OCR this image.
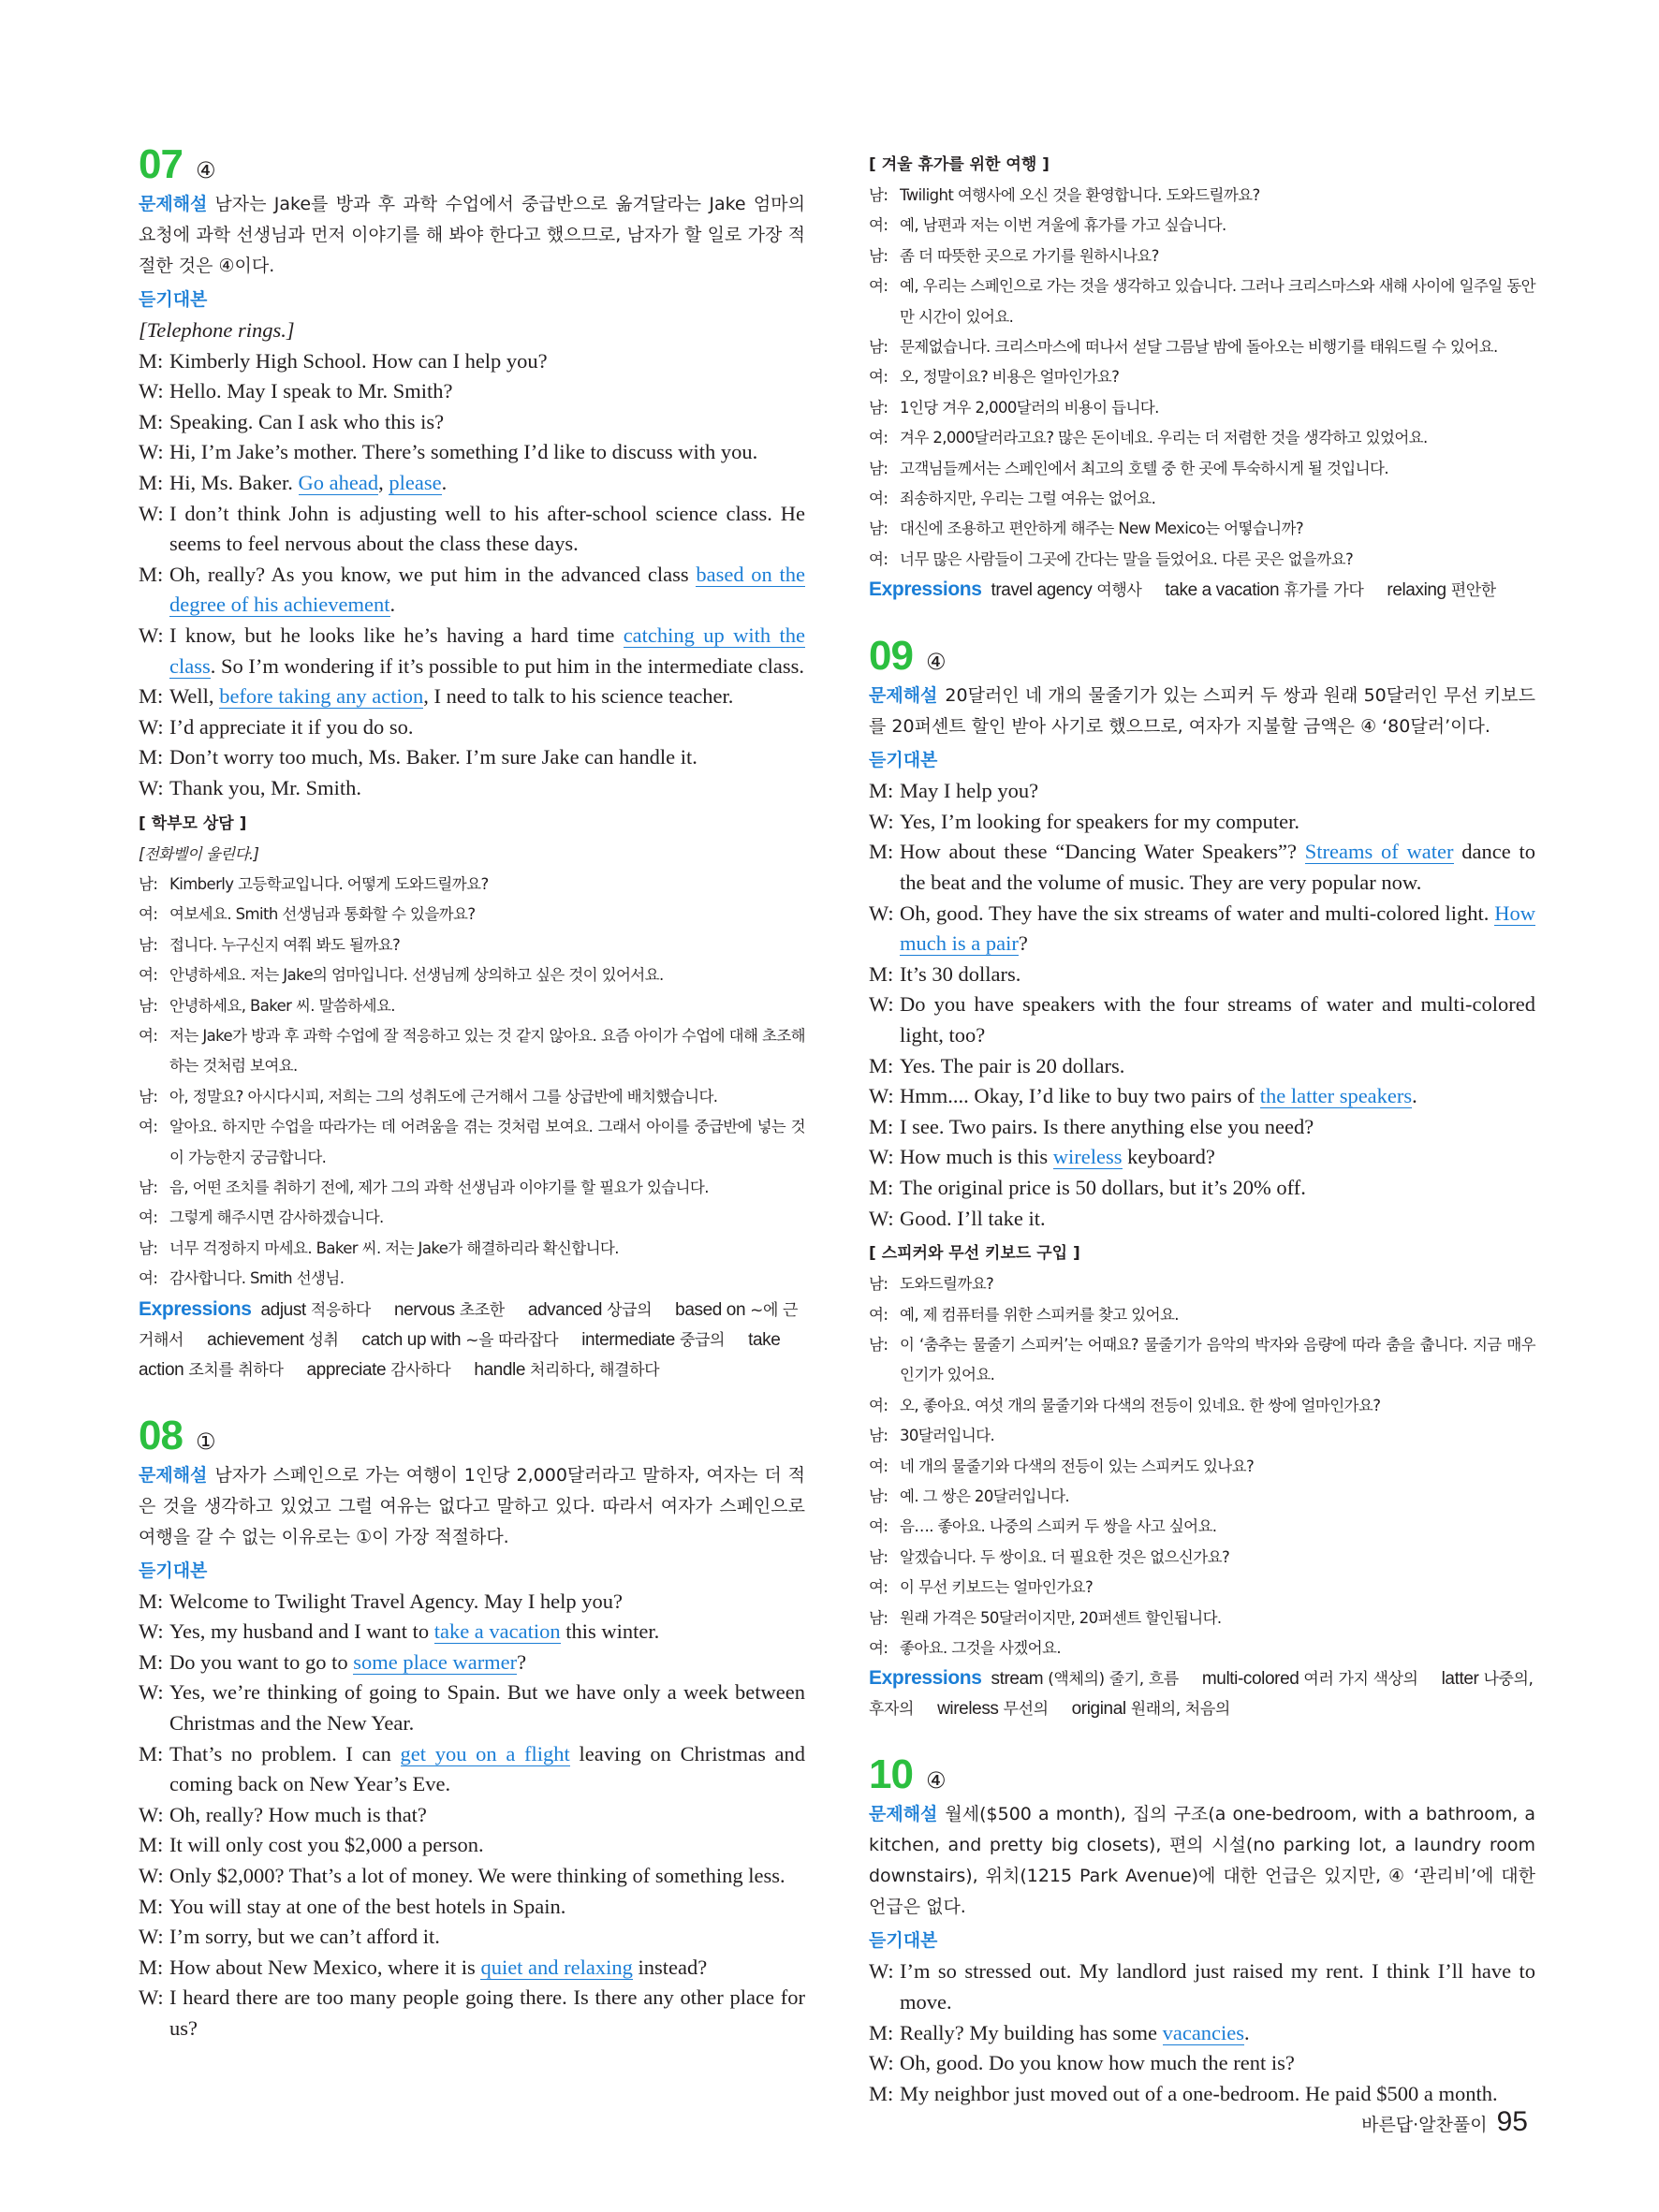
07 ④
문제해설 남자는 Jake를 방과 후 과학 수업에서 중급반으로 옮겨달라는 Jake 엄마의 요청에 과학 선생님과 먼저 이야기를 해 봐야 한다고 했으므로, 남자가 할 일로 가장 적절한 것은 ④이다.
듣기대본
[Telephone rings.]
M: Kimberly High School. How can I help you?
W: Hello. May I speak to Mr. Smith?
M: Speaking. Can I ask who this is?
W: Hi, I’m Jake’s mother. There’s something I’d like to discuss with you.
M: Hi, Ms. Baker. Go ahead, please.
W: I don’t think John is adjusting well to his after-school science class. He seems to feel nervous about the class these days.
M: Oh, really? As you know, we put him in the advanced class based on the degree of his achievement.
W: I know, but he looks like he’s having a hard time catching up with the class. So I’m wondering if it’s possible to put him in the intermediate class.
M: Well, before taking any action, I need to talk to his science teacher.
W: I’d appreciate it if you do so.
M: Don’t worry too much, Ms. Baker. I’m sure Jake can handle it.
W: Thank you, Mr. Smith.
[ 학부모 상담 ]
[전화벨이 울린다.]
남: Kimberly 고등학교입니다. 어떻게 도와드릴까요?
여: 여보세요. Smith 선생님과 통화할 수 있을까요?
남: 접니다. 누구신지 여쭤 봐도 될까요?
여: 안녕하세요. 저는 Jake의 엄마입니다. 선생님께 상의하고 싶은 것이 있어서요.
남: 안녕하세요, Baker 씨. 말씀하세요.
여: 저는 Jake가 방과 후 과학 수업에 잘 적응하고 있는 것 같지 않아요. 요즘 아이가 수업에 대해 초조해하는 것처럼 보여요.
남: 아, 정말요? 아시다시피, 저희는 그의 성취도에 근거해서 그를 상급반에 배치했습니다.
여: 알아요. 하지만 수업을 따라가는 데 어려움을 겪는 것처럼 보여요. 그래서 아이를 중급반에 넣는 것이 가능한지 궁금합니다.
남: 음, 어떤 조치를 취하기 전에, 제가 그의 과학 선생님과 이야기를 할 필요가 있습니다.
여: 그렇게 해주시면 감사하겠습니다.
남: 너무 걱정하지 마세요. Baker 씨. 저는 Jake가 해결하리라 확신합니다.
여: 감사합니다. Smith 선생님.
Expressions adjust 적응하다 nervous 초조한 advanced 상급의 based on ~에 근거해서 achievement 성취 catch up with ~을 따라잡다 intermediate 중급의 take action 조치를 취하다 appreciate 감사하다 handle 처리하다, 해결하다
08 ①
문제해설 남자가 스페인으로 가는 여행이 1인당 2,000달러라고 말하자, 여자는 더 적은 것을 생각하고 있었고 그럴 여유는 없다고 말하고 있다. 따라서 여자가 스페인으로 여행을 갈 수 없는 이유로는 ①이 가장 적절하다.
듣기대본
M: Welcome to Twilight Travel Agency. May I help you?
W: Yes, my husband and I want to take a vacation this winter.
M: Do you want to go to some place warmer?
W: Yes, we’re thinking of going to Spain. But we have only a week between Christmas and the New Year.
M: That’s no problem. I can get you on a flight leaving on Christmas and coming back on New Year’s Eve.
W: Oh, really? How much is that?
M: It will only cost you $2,000 a person.
W: Only $2,000? That’s a lot of money. We were thinking of something less.
M: You will stay at one of the best hotels in Spain.
W: I’m sorry, but we can’t afford it.
M: How about New Mexico, where it is quiet and relaxing instead?
W: I heard there are too many people going there. Is there any other place for us?
[ 겨울 휴가를 위한 여행 ]
남: Twilight 여행사에 오신 것을 환영합니다. 도와드릴까요?
여: 예, 남편과 저는 이번 겨울에 휴가를 가고 싶습니다.
남: 좀 더 따뜻한 곳으로 가기를 원하시나요?
여: 예, 우리는 스페인으로 가는 것을 생각하고 있습니다. 그러나 크리스마스와 새해 사이에 일주일 동안만 시간이 있어요.
남: 문제없습니다. 크리스마스에 떠나서 섣달 그믐날 밤에 돌아오는 비행기를 태워드릴 수 있어요.
여: 오, 정말이요? 비용은 얼마인가요?
남: 1인당 겨우 2,000달러의 비용이 듭니다.
여: 겨우 2,000달러라고요? 많은 돈이네요. 우리는 더 저렴한 것을 생각하고 있었어요.
남: 고객님들께서는 스페인에서 최고의 호텔 중 한 곳에 투숙하시게 될 것입니다.
여: 죄송하지만, 우리는 그럴 여유는 없어요.
남: 대신에 조용하고 편안하게 해주는 New Mexico는 어떻습니까?
여: 너무 많은 사람들이 그곳에 간다는 말을 들었어요. 다른 곳은 없을까요?
Expressions travel agency 여행사 take a vacation 휴가를 가다 relaxing 편안한
09 ④
문제해설 20달러인 네 개의 물줄기가 있는 스피커 두 쌍과 원래 50달러인 무선 키보드를 20퍼센트 할인 받아 사기로 했으므로, 여자가 지불할 금액은 ④ ‘80달러’이다.
듣기대본
M: May I help you?
W: Yes, I’m looking for speakers for my computer.
M: How about these “Dancing Water Speakers”? Streams of water dance to the beat and the volume of music. They are very popular now.
W: Oh, good. They have the six streams of water and multi-colored light. How much is a pair?
M: It’s 30 dollars.
W: Do you have speakers with the four streams of water and multi-colored light, too?
M: Yes. The pair is 20 dollars.
W: Hmm.... Okay, I’d like to buy two pairs of the latter speakers.
M: I see. Two pairs. Is there anything else you need?
W: How much is this wireless keyboard?
M: The original price is 50 dollars, but it’s 20% off.
W: Good. I’ll take it.
[ 스피커와 무선 키보드 구입 ]
남: 도와드릴까요?
여: 예, 제 컴퓨터를 위한 스피커를 찾고 있어요.
남: 이 ‘춤추는 물줄기 스피커’는 어때요? 물줄기가 음악의 박자와 음량에 따라 춤을 춥니다. 지금 매우 인기가 있어요.
여: 오, 좋아요. 여섯 개의 물줄기와 다색의 전등이 있네요. 한 쌍에 얼마인가요?
남: 30달러입니다.
여: 네 개의 물줄기와 다색의 전등이 있는 스피커도 있나요?
남: 예. 그 쌍은 20달러입니다.
여: 음…. 좋아요. 나중의 스피커 두 쌍을 사고 싶어요.
남: 알겠습니다. 두 쌍이요. 더 필요한 것은 없으신가요?
여: 이 무선 키보드는 얼마인가요?
남: 원래 가격은 50달러이지만, 20퍼센트 할인됩니다.
여: 좋아요. 그것을 사겠어요.
Expressions stream (액체의) 줄기, 흐름 multi-colored 여러 가지 색상의 latter 나중의, 후자의 wireless 무선의 original 원래의, 처음의
10 ④
문제해설 월세($500 a month), 집의 구조(a one-bedroom, with a bathroom, a kitchen, and pretty big closets), 편의 시설(no parking lot, a laundry room downstairs), 위치(1215 Park Avenue)에 대한 언급은 있지만, ④ ‘관리비’에 대한 언급은 없다.
듣기대본
W: I’m so stressed out. My landlord just raised my rent. I think I’ll have to move.
M: Really? My building has some vacancies.
W: Oh, good. Do you know how much the rent is?
M: My neighbor just moved out of a one-bedroom. He paid $500 a month.
바른답·알찬풀이 95
